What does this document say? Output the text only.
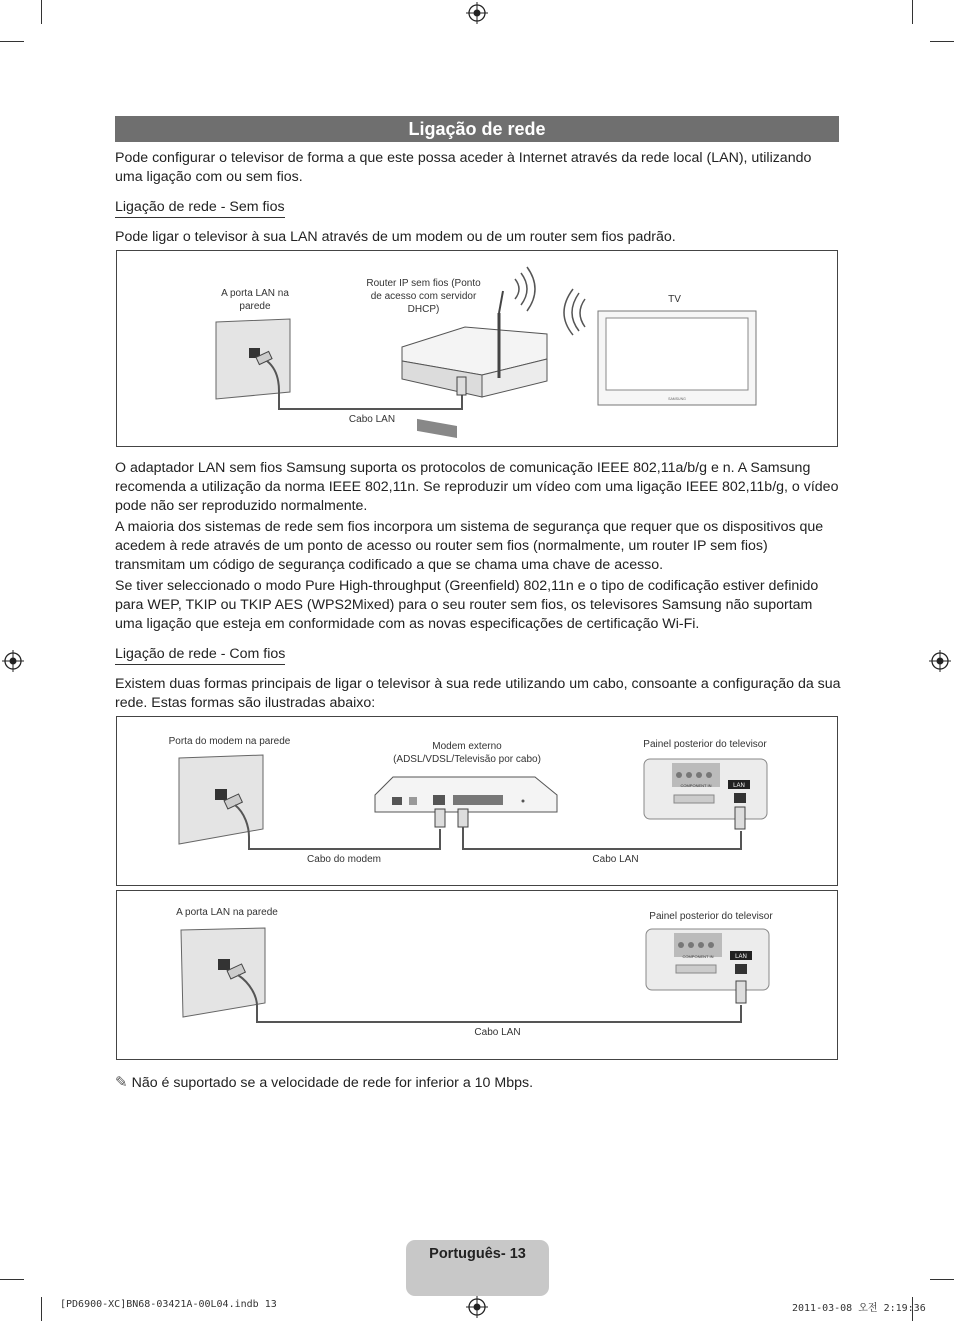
Ligação de rede
Pode configurar o televisor de forma a que este possa aceder à Internet através da rede local (LAN), utilizando uma ligação com ou sem fios.
Ligação de rede - Sem fios
Pode ligar o televisor à sua LAN através de um modem ou de um router sem fios padrão.
SAMSUNG
A porta LAN na parede
Router IP sem fios (Ponto de acesso com servidor DHCP)
TV
Cabo LAN
O adaptador LAN sem fios Samsung suporta os protocolos de comunicação IEEE 802,11a/b/g e n. A Samsung recomenda a utilização da norma IEEE 802,11n. Se reproduzir um vídeo com uma ligação IEEE 802,11b/g, o vídeo pode não ser reproduzido normalmente.
A maioria dos sistemas de rede sem fios incorpora um sistema de segurança que requer que os dispositivos que acedem à rede através de um ponto de acesso ou router sem fios (normalmente, um router IP sem fios) transmitam um código de segurança codificado a que se chama uma chave de acesso.
Se tiver seleccionado o modo Pure High-throughput (Greenfield) 802,11n e o tipo de codificação estiver definido para WEP, TKIP ou TKIP AES (WPS2Mixed) para o seu router sem fios, os televisores Samsung não suportam uma ligação que esteja em conformidade com as novas especificações de certificação Wi-Fi.
Ligação de rede - Com fios
Existem duas formas principais de ligar o televisor à sua rede utilizando um cabo, consoante a configuração da sua rede. Estas formas são ilustradas abaixo:
LAN
COMPONENT IN
Porta do modem na parede	Modem externo (ADSL/VDSL/Televisão por cabo)
Painel posterior do televisor
Cabo do modem	Cabo LAN
LAN
COMPONENT IN
A porta LAN na parede	Painel posterior do televisor
Cabo LAN
✎ Não é suportado se a velocidade de rede for inferior a 10 Mbps.
Português- 13
[PD6900-XC]BN68-03421A-00L04.indb 13	2011-03-08 오전 2:19:36
